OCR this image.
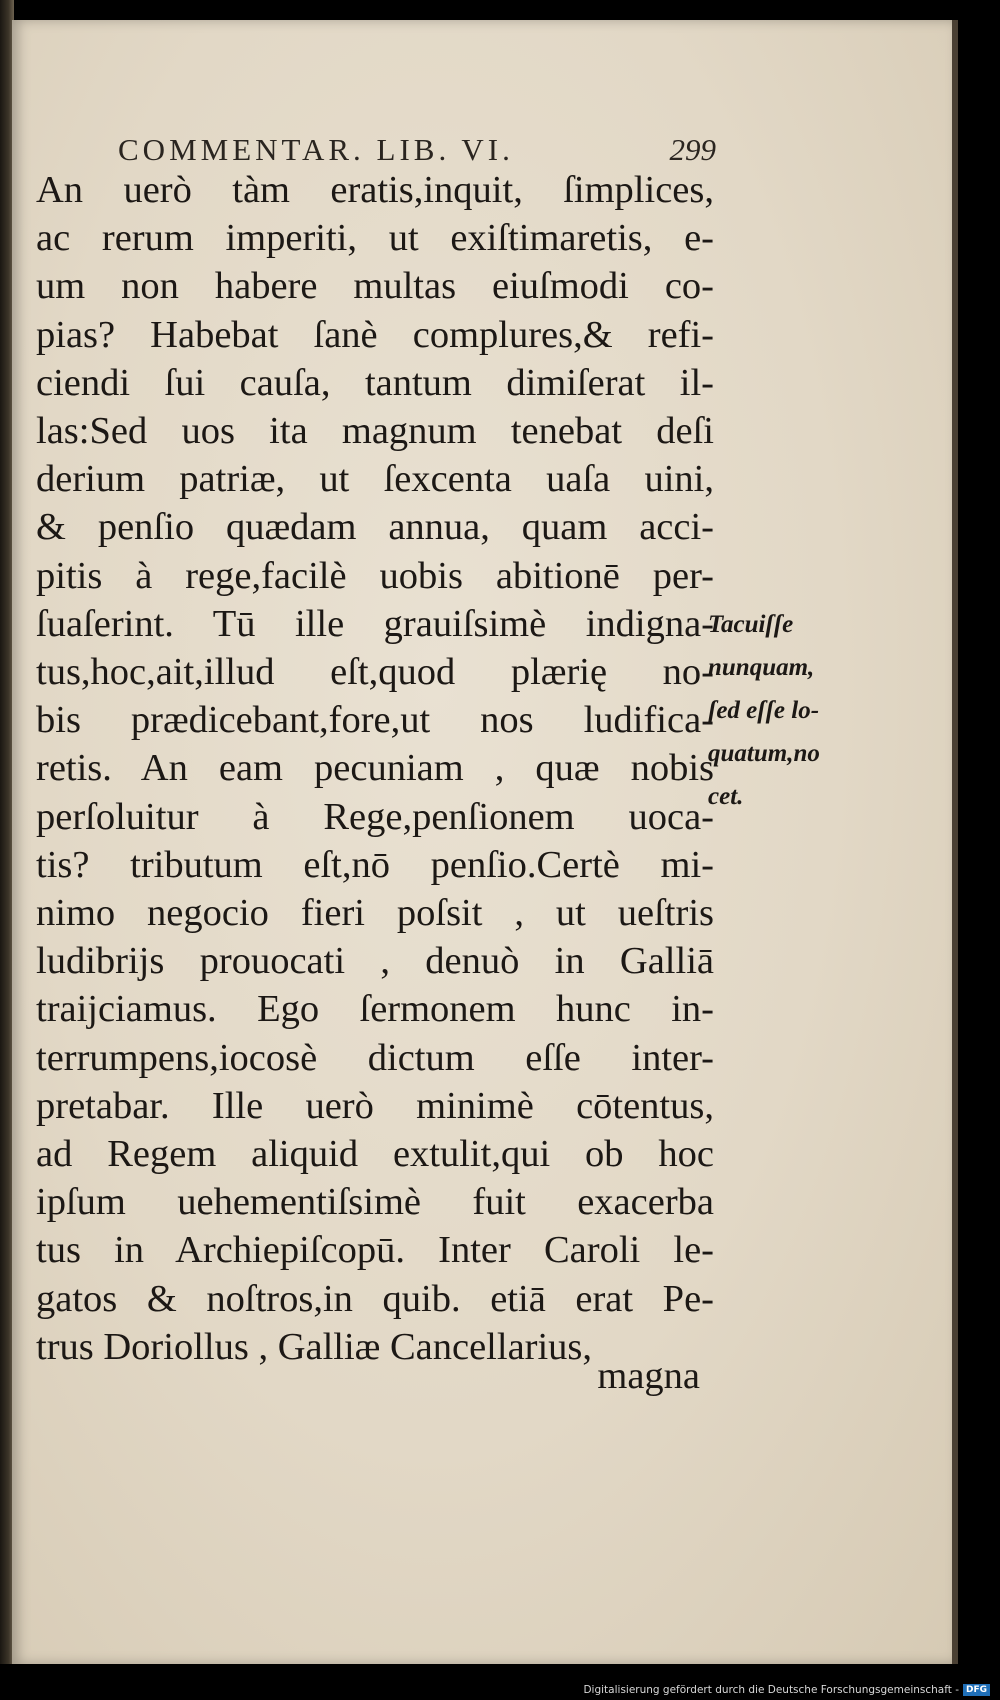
COMMENTAR. LIB. VI.	299
An uerò tàm eratis,inquit, ſimplices,
ac rerum imperiti, ut exiſtimaretis, e-
um non habere multas eiuſmodi co-
pias? Habebat ſanè complures,& refi-
ciendi ſui cauſa, tantum dimiſerat il-
las:Sed uos ita magnum tenebat deſi
derium patriæ, ut ſexcenta uaſa uini,
& penſio quædam annua, quam acci-
pitis à rege,facilè uobis abitionē per-
ſuaſerint. Tū ille grauiſsimè indigna-
tus,hoc,ait,illud eſt,quod plærię no-
bis prædicebant,fore,ut nos ludifica-
retis. An eam pecuniam , quæ nobis
perſoluitur à Rege,penſionem uoca-
tis? tributum eſt,nō penſio.Certè mi-
nimo negocio fieri poſsit , ut ueſtris
ludibrijs prouocati , denuò in Galliā
traijciamus. Ego ſermonem hunc in-
terrumpens,iocosè dictum eſſe inter-
pretabar. Ille uerò minimè cōtentus,
ad Regem aliquid extulit,qui ob hoc
ipſum uehementiſsimè fuit exacerba
tus in Archiepiſcopū. Inter Caroli le-
gatos & noſtros,in quib. etiā erat Pe-
trus Doriollus , Galliæ Cancellarius,
magna
Tacuiſſe
nunquam,
ſed eſſe lo-
quatum,no
cet.
Digitalisierung gefördert durch die Deutsche Forschungsgemeinschaft - DFG
